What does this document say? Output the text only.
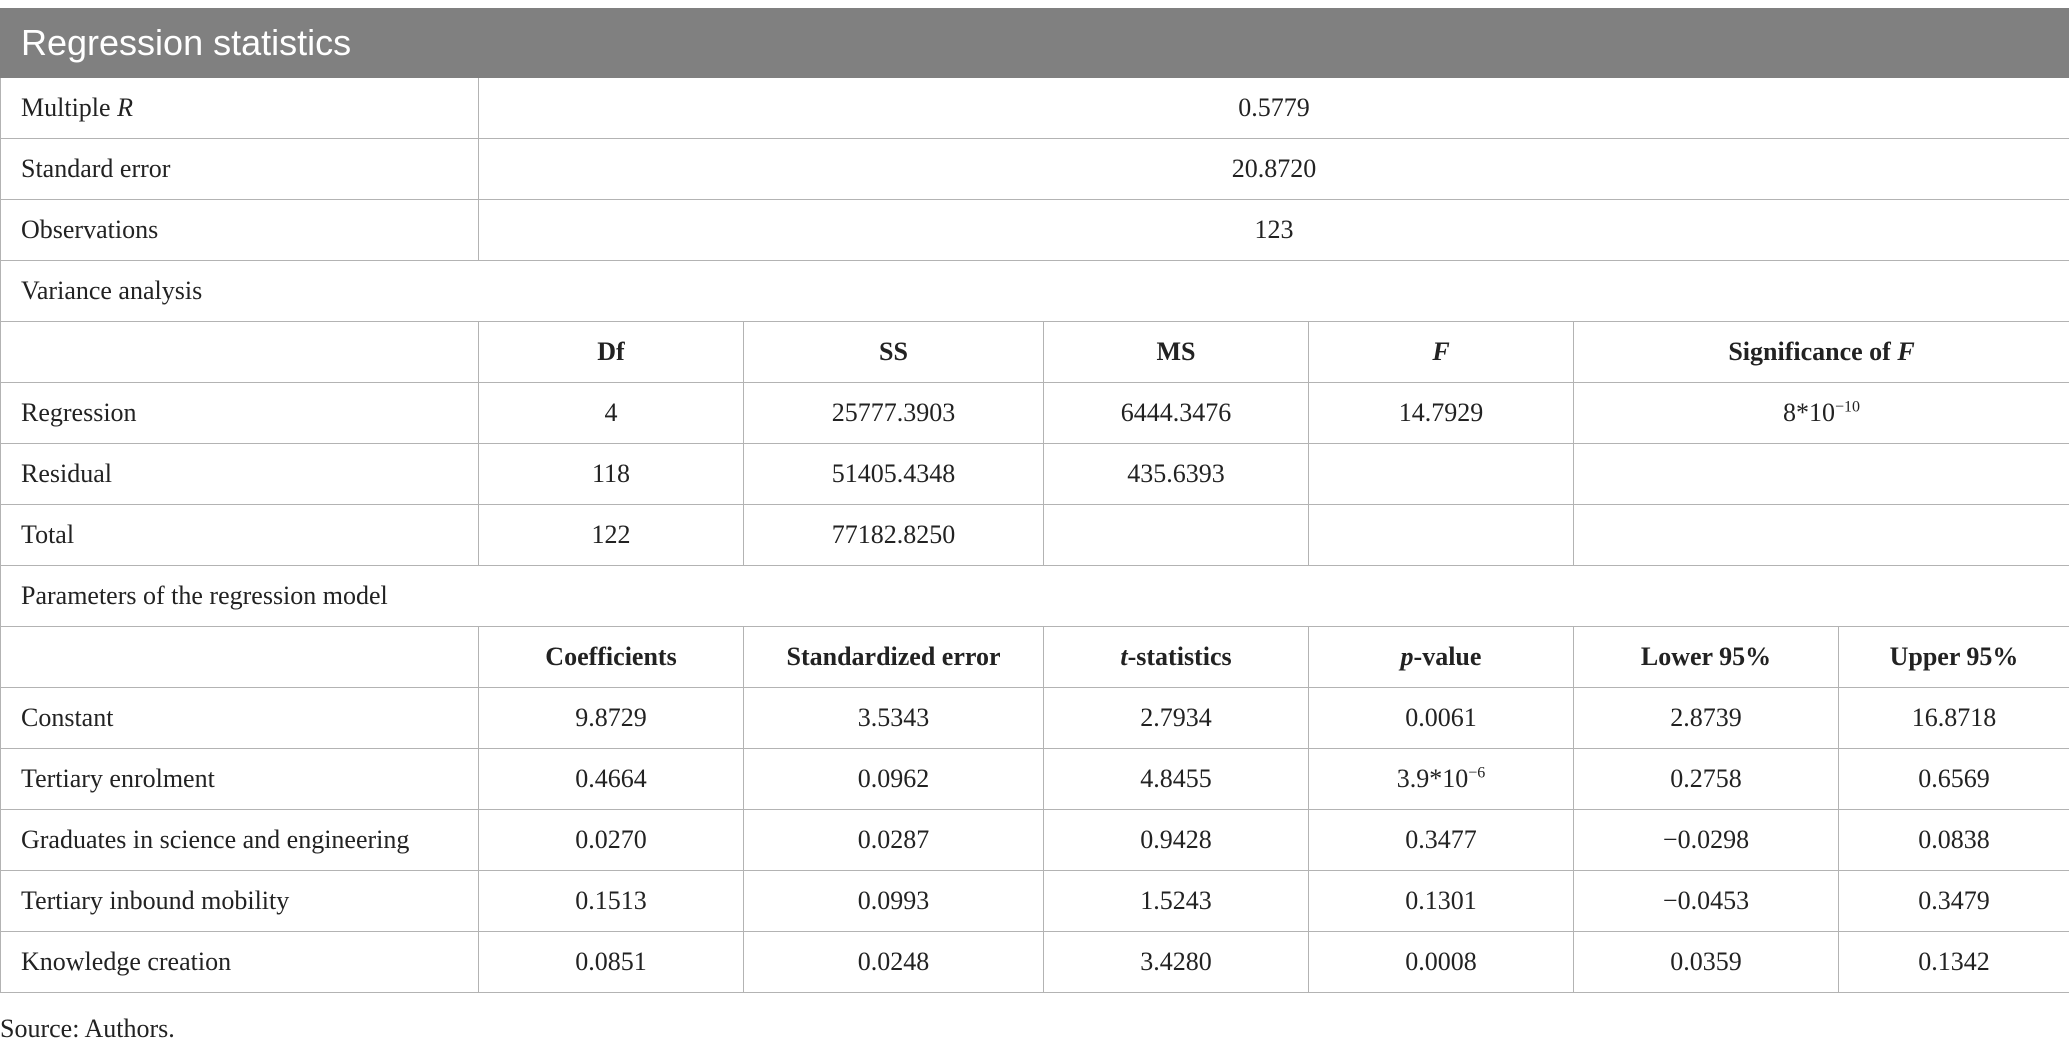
Regression statistics						
Multiple R	0.5779					
Standard error	20.8720					
Observations	123					
Variance analysis						
	Df	SS	MS	F	Significance of F	
Regression	4	25777.3903	6444.3476	14.7929	$8*10^{-10}$
Residual	118	51405.4348	435.6393			
Total	122	77182.8250				
Parameters of the regression model						
	Coefficients	Standardized error	t-statistics	p-value	Lower 95%	Upper 95%
Constant	9.8729	3.5343	2.7934	0.0061	2.8739	16.8718
Tertiary enrolment	0.4664	0.0962	4.8455	$3.9*10^{-6}$	0.2758	0.6569
Graduates in science and engineering	0.0270	0.0287	0.9428	0.3477	−0.0298	0.0838
Tertiary inbound mobility	0.1513	0.0993	1.5243	0.1301	−0.0453	0.3479
Knowledge creation	0.0851	0.0248	3.4280	0.0008	0.0359	0.1342
Source: Authors.
